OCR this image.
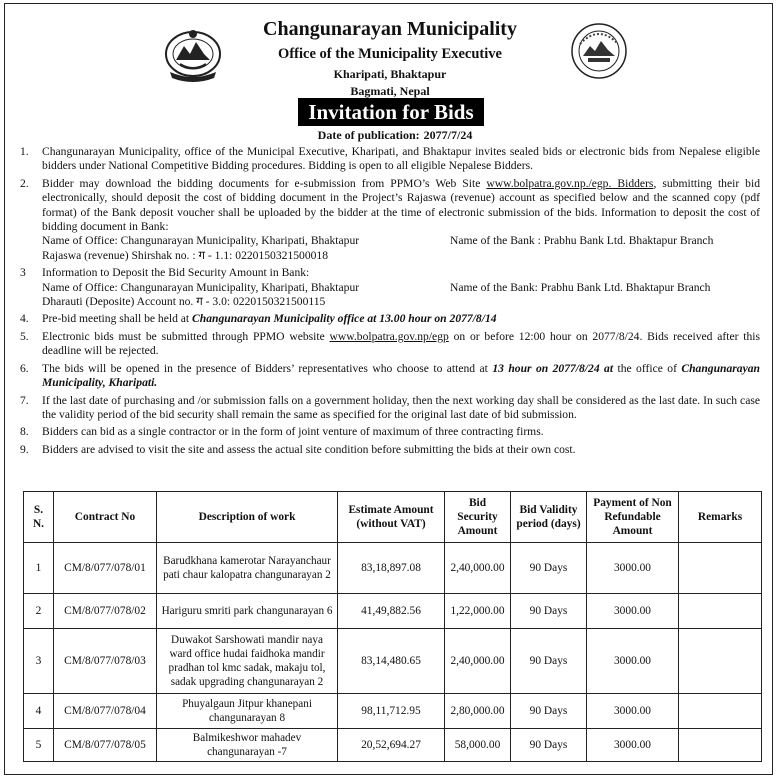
Changunarayan Municipality
Office of the Municipality Executive
Kharipati, Bhaktapur
Bagmati, Nepal
Invitation for Bids
Date of publication: 2077/7/24
1.	Changunarayan Municipality, office of the Municipal Executive, Kharipati, and Bhaktapur invites sealed bids or electronic bids from Nepalese eligible bidders under National Competitive Bidding procedures. Bidding is open to all eligible Nepalese Bidders.
2.	Bidder may download the bidding documents for e-submission from PPMO’s Web Site www.bolpatra.gov.np./egp. Bidders, submitting their bid electronically, should deposit the cost of bidding document in the Project’s Rajaswa (revenue) account as specified below and the scanned copy (pdf format) of the Bank deposit voucher shall be uploaded by the bidder at the time of electronic submission of the bids. Information to deposit the cost of bidding document in Bank:
Name of Office: Changunarayan Municipality, Kharipati, Bhaktapur	Name of the Bank : Prabhu Bank Ltd. Bhaktapur Branch
Rajaswa (revenue) Shirshak no. : ग - 1.1: 0220150321500018
3	Information to Deposit the Bid Security Amount in Bank:
Name of Office: Changunarayan Municipality, Kharipati, Bhaktapur	Name of the Bank: Prabhu Bank Ltd. Bhaktapur Branch
Dharauti (Deposite) Account no. ग - 3.0: 0220150321500115
4.	Pre-bid meeting shall be held at Changunarayan Municipality office at 13.00 hour on 2077/8/14
5.	Electronic bids must be submitted through PPMO website www.bolpatra.gov.np/egp on or before 12:00 hour on 2077/8/24. Bids received after this deadline will be rejected.
6.	The bids will be opened in the presence of Bidders’ representatives who choose to attend at 13 hour on 2077/8/24 at the office of Changunarayan Municipality, Kharipati.
7.	If the last date of purchasing and /or submission falls on a government holiday, then the next working day shall be considered as the last date. In such case the validity period of the bid security shall remain the same as specified for the original last date of bid submission.
8.	Bidders can bid as a single contractor or in the form of joint venture of maximum of three contracting firms.
9.	Bidders are advised to visit the site and assess the actual site condition before submitting the bids at their own cost.
S. N.	Contract No	Description of work	Estimate Amount (without VAT)	Bid Security Amount	Bid Validity period (days)	Payment of Non Refundable Amount	Remarks
1	CM/8/077/078/01	Barudkhana kamerotar Narayanchaur pati chaur kalopatra changunarayan 2	83,18,897.08	2,40,000.00	90 Days	3000.00	
2	CM/8/077/078/02	Hariguru smriti park changunarayan 6	41,49,882.56	1,22,000.00	90 Days	3000.00	
3	CM/8/077/078/03	Duwakot Sarshowati mandir naya ward office hudai faidhoka mandir pradhan tol kmc sadak, makaju tol, sadak upgrading changunarayan 2	83,14,480.65	2,40,000.00	90 Days	3000.00	
4	CM/8/077/078/04	Phuyalgaun Jitpur khanepani changunarayan 8	98,11,712.95	2,80,000.00	90 Days	3000.00	
5	CM/8/077/078/05	Balmikeshwor mahadev changunarayan -7	20,52,694.27	58,000.00	90 Days	3000.00	
